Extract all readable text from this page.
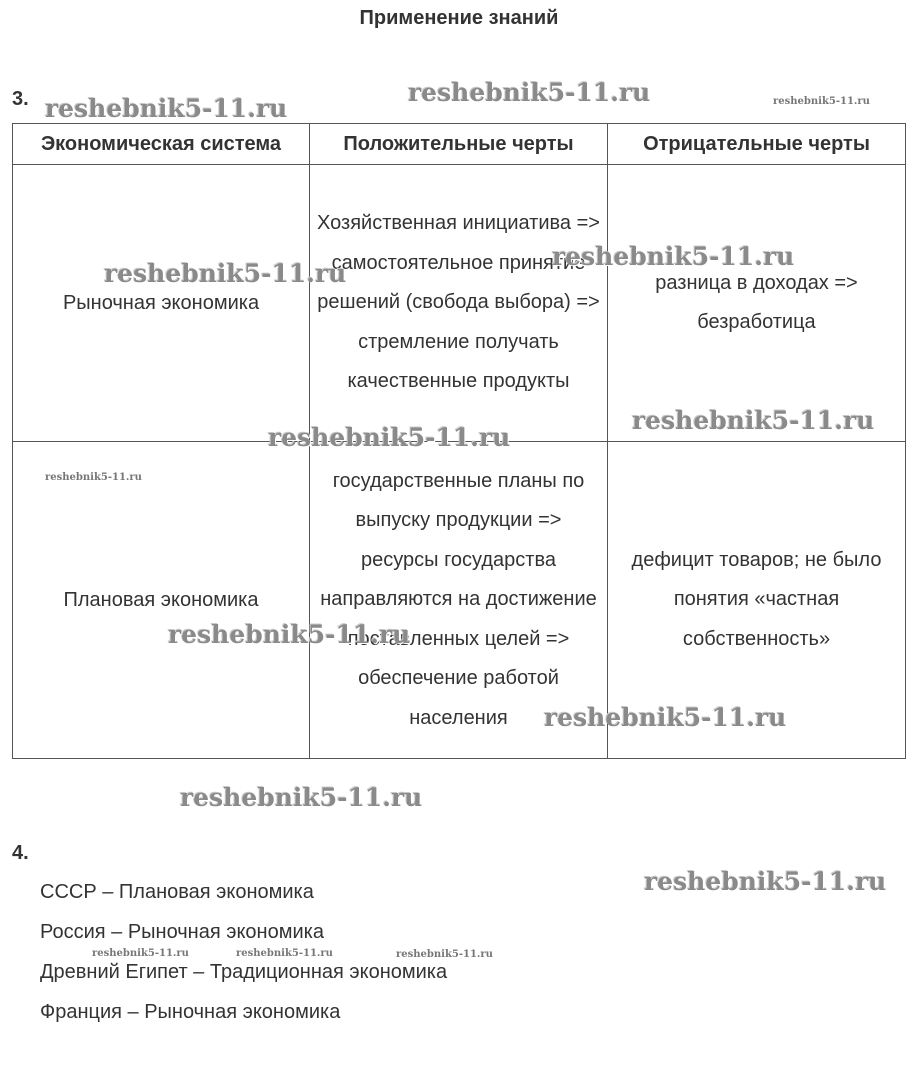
Применение знаний
3.
Экономическая система	Положительные черты	Отрицательные черты

Рыночная экономика	Хозяйственная инициатива => самостоятельное принятие решений (свобода выбора) => стремление получать качественные продукты	разница в доходах => безработица

Плановая экономика	государственные планы по выпуску продукции => ресурсы государства направляются на достижение поставленных целей => обеспечение работой населения	дефицит товаров; не было понятия «частная собственность»
4.
СССР – Плановая экономика
Россия – Рыночная экономика
Древний Египет – Традиционная экономика
Франция – Рыночная экономика
reshebnik5-11.ru
reshebnik5-11.ru	reshebnik5-11.ru
reshebnik5-11.ru
reshebnik5-11.ru
reshebnik5-11.ru
reshebnik5-11.ru
reshebnik5-11.ru
reshebnik5-11.ru
reshebnik5-11.ru
reshebnik5-11.ru
reshebnik5-11.ru
reshebnik5-11.ru	reshebnik5-11.ru	reshebnik5-11.ru
